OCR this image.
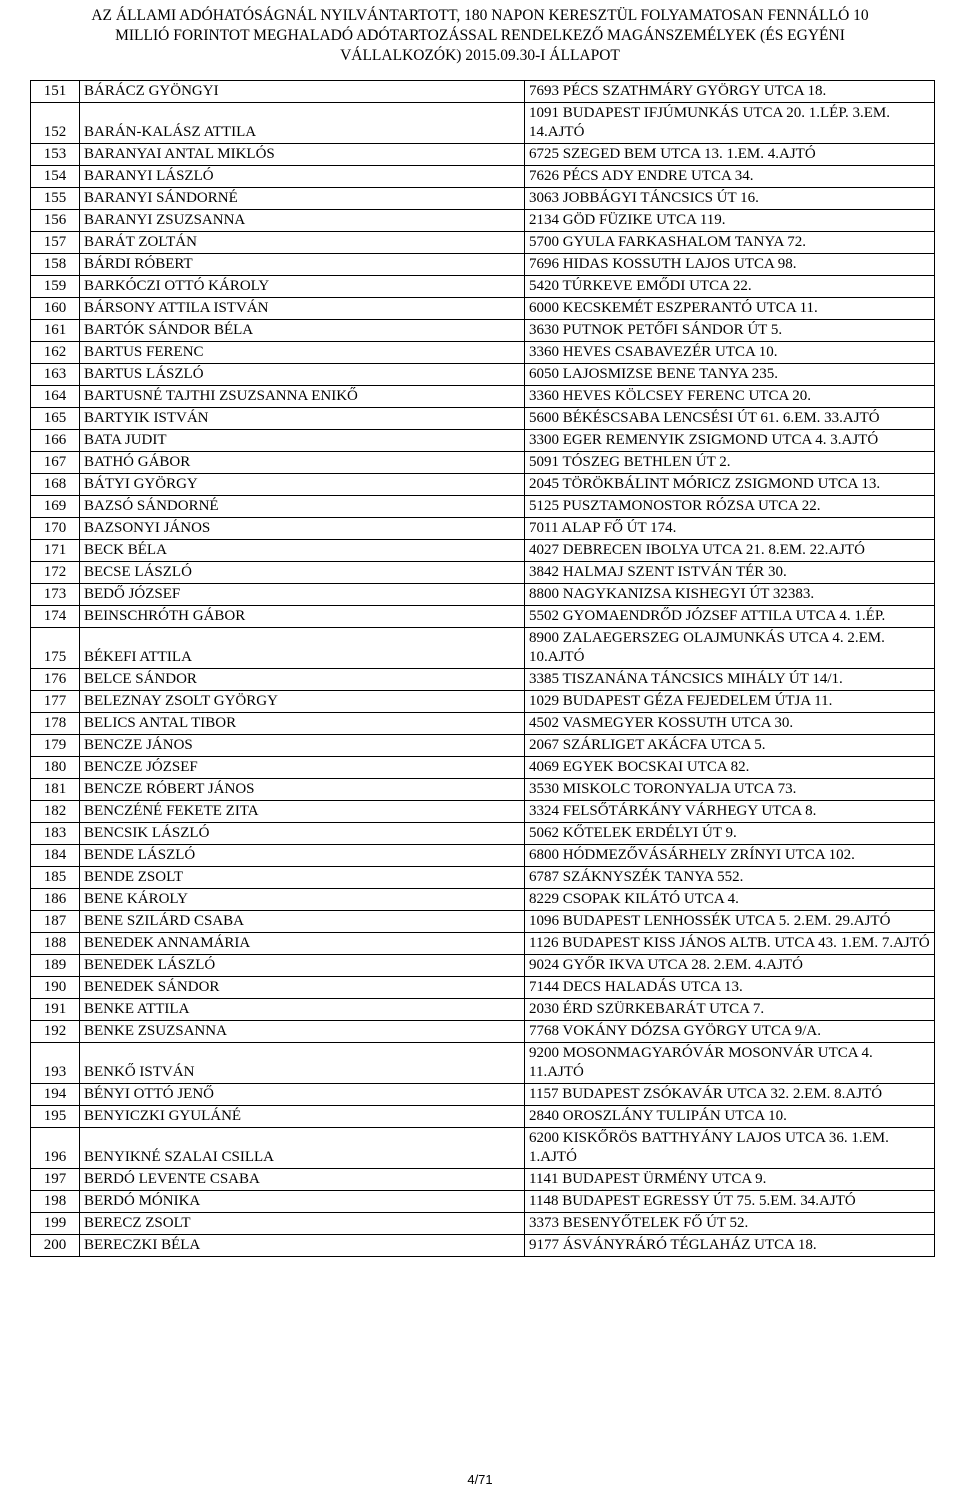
AZ ÁLLAMI ADÓHATÓSÁGNÁL NYILVÁNTARTOTT, 180 NAPON KERESZTÜL FOLYAMATOSAN FENNÁLLÓ 10
MILLIÓ FORINTOT MEGHALADÓ ADÓTARTOZÁSSAL RENDELKEZŐ MAGÁNSZEMÉLYEK (ÉS EGYÉNI
VÁLLALKOZÓK) 2015.09.30-I ÁLLAPOT
151	BÁRÁCZ GYÖNGYI	7693 PÉCS SZATHMÁRY GYÖRGY UTCA 18.
152	BARÁN-KALÁSZ ATTILA	1091 BUDAPEST IFJÚMUNKÁS UTCA 20. 1.LÉP. 3.EM. 14.AJTÓ
153	BARANYAI ANTAL MIKLÓS	6725 SZEGED BEM UTCA 13. 1.EM. 4.AJTÓ
154	BARANYI LÁSZLÓ	7626 PÉCS ADY ENDRE UTCA 34.
155	BARANYI SÁNDORNÉ	3063 JOBBÁGYI TÁNCSICS ÚT 16.
156	BARANYI ZSUZSANNA	2134 GÖD FÜZIKE UTCA 119.
157	BARÁT ZOLTÁN	5700 GYULA FARKASHALOM TANYA 72.
158	BÁRDI RÓBERT	7696 HIDAS KOSSUTH LAJOS UTCA 98.
159	BARKÓCZI OTTÓ KÁROLY	5420 TÚRKEVE EMŐDI UTCA 22.
160	BÁRSONY ATTILA ISTVÁN	6000 KECSKEMÉT ESZPERANTÓ UTCA 11.
161	BARTÓK SÁNDOR BÉLA	3630 PUTNOK PETŐFI SÁNDOR ÚT 5.
162	BARTUS FERENC	3360 HEVES CSABAVEZÉR UTCA 10.
163	BARTUS LÁSZLÓ	6050 LAJOSMIZSE BENE TANYA 235.
164	BARTUSNÉ TAJTHI ZSUZSANNA ENIKŐ	3360 HEVES KÖLCSEY FERENC UTCA 20.
165	BARTYIK ISTVÁN	5600 BÉKÉSCSABA LENCSÉSI ÚT 61. 6.EM. 33.AJTÓ
166	BATA JUDIT	3300 EGER REMENYIK ZSIGMOND UTCA 4. 3.AJTÓ
167	BATHÓ GÁBOR	5091 TÓSZEG BETHLEN ÚT 2.
168	BÁTYI GYÖRGY	2045 TÖRÖKBÁLINT MÓRICZ ZSIGMOND UTCA 13.
169	BAZSÓ SÁNDORNÉ	5125 PUSZTAMONOSTOR RÓZSA UTCA 22.
170	BAZSONYI JÁNOS	7011 ALAP FŐ ÚT 174.
171	BECK BÉLA	4027 DEBRECEN IBOLYA UTCA 21. 8.EM. 22.AJTÓ
172	BECSE LÁSZLÓ	3842 HALMAJ SZENT ISTVÁN TÉR 30.
173	BEDŐ JÓZSEF	8800 NAGYKANIZSA KISHEGYI ÚT 32383.
174	BEINSCHRÓTH GÁBOR	5502 GYOMAENDRŐD JÓZSEF ATTILA UTCA 4. 1.ÉP.
175	BÉKEFI ATTILA	8900 ZALAEGERSZEG OLAJMUNKÁS UTCA 4. 2.EM. 10.AJTÓ
176	BELCE SÁNDOR	3385 TISZANÁNA TÁNCSICS MIHÁLY ÚT 14/1.
177	BELEZNAY ZSOLT GYÖRGY	1029 BUDAPEST GÉZA FEJEDELEM ÚTJA 11.
178	BELICS ANTAL TIBOR	4502 VASMEGYER KOSSUTH UTCA 30.
179	BENCZE JÁNOS	2067 SZÁRLIGET AKÁCFA UTCA 5.
180	BENCZE JÓZSEF	4069 EGYEK BOCSKAI UTCA 82.
181	BENCZE RÓBERT JÁNOS	3530 MISKOLC TORONYALJA UTCA 73.
182	BENCZÉNÉ FEKETE ZITA	3324 FELSŐTÁRKÁNY VÁRHEGY UTCA 8.
183	BENCSIK LÁSZLÓ	5062 KŐTELEK ERDÉLYI ÚT 9.
184	BENDE LÁSZLÓ	6800 HÓDMEZŐVÁSÁRHELY ZRÍNYI UTCA 102.
185	BENDE ZSOLT	6787 SZÁKNYSZÉK TANYA 552.
186	BENE KÁROLY	8229 CSOPAK KILÁTÓ UTCA 4.
187	BENE SZILÁRD CSABA	1096 BUDAPEST LENHOSSÉK UTCA 5. 2.EM. 29.AJTÓ
188	BENEDEK ANNAMÁRIA	1126 BUDAPEST KISS JÁNOS ALTB. UTCA 43. 1.EM. 7.AJTÓ
189	BENEDEK LÁSZLÓ	9024 GYŐR IKVA UTCA 28. 2.EM. 4.AJTÓ
190	BENEDEK SÁNDOR	7144 DECS HALADÁS UTCA 13.
191	BENKE ATTILA	2030 ÉRD SZÜRKEBARÁT UTCA 7.
192	BENKE ZSUZSANNA	7768 VOKÁNY DÓZSA GYÖRGY UTCA 9/A.
193	BENKŐ ISTVÁN	9200 MOSONMAGYARÓVÁR MOSONVÁR UTCA 4. 11.AJTÓ
194	BÉNYI OTTÓ JENŐ	1157 BUDAPEST ZSÓKAVÁR UTCA 32. 2.EM. 8.AJTÓ
195	BENYICZKI GYULÁNÉ	2840 OROSZLÁNY TULIPÁN UTCA 10.
196	BENYIKNÉ SZALAI CSILLA	6200 KISKŐRÖS BATTHYÁNY LAJOS UTCA 36. 1.EM. 1.AJTÓ
197	BERDÓ LEVENTE CSABA	1141 BUDAPEST ÜRMÉNY UTCA 9.
198	BERDÓ MÓNIKA	1148 BUDAPEST EGRESSY ÚT 75. 5.EM. 34.AJTÓ
199	BERECZ ZSOLT	3373 BESENYŐTELEK FŐ ÚT 52.
200	BERECZKI BÉLA	9177 ÁSVÁNYRÁRÓ TÉGLAHÁZ UTCA 18.
4/71
